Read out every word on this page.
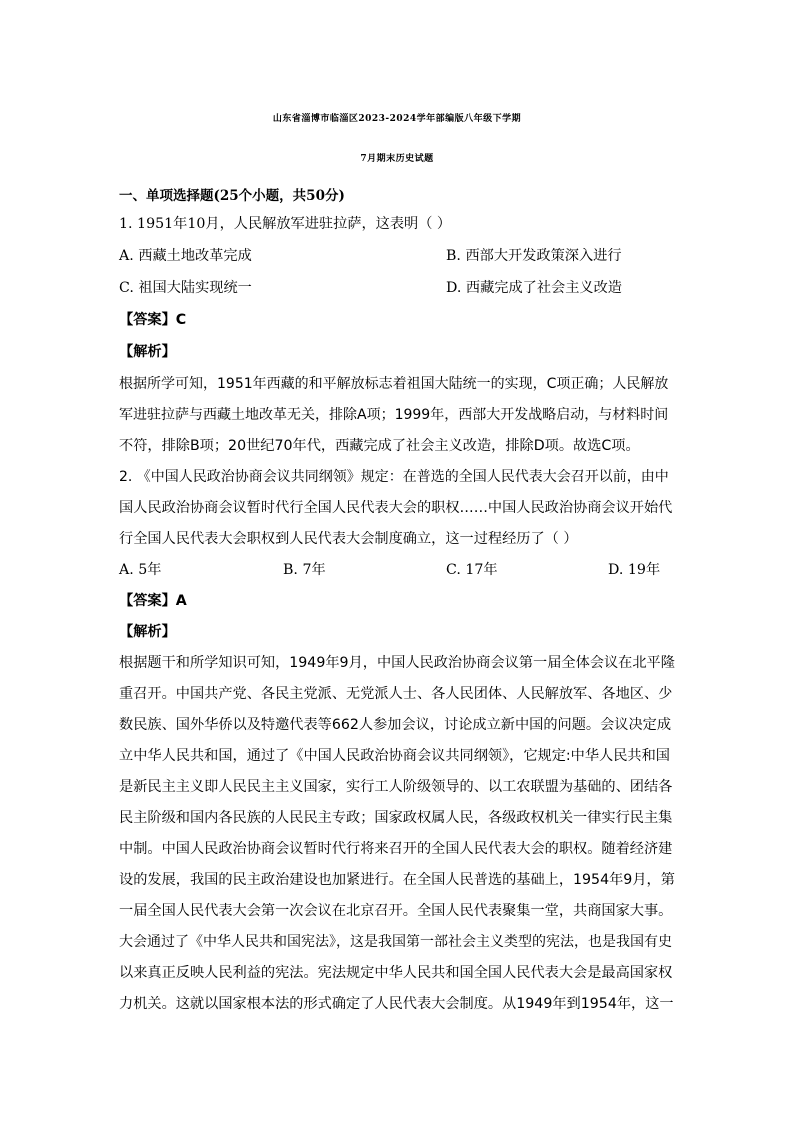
山东省淄博市临淄区2023-2024学年部编版八年级下学期
7月期末历史试题
一、单项选择题(25个小题，共50分)
1. 1951年10月，人民解放军进驻拉萨，这表明（ ）
A. 西藏土地改革完成	B. 西部大开发政策深入进行
C. 祖国大陆实现统一	D. 西藏完成了社会主义改造
【答案】C
【解析】
根据所学可知，1951年西藏的和平解放标志着祖国大陆统一的实现，C项正确；人民解放
军进驻拉萨与西藏土地改革无关，排除A项；1999年，西部大开发战略启动，与材料时间
不符，排除B项；20世纪70年代，西藏完成了社会主义改造，排除D项。故选C项。
2. 《中国人民政治协商会议共同纲领》规定：在普选的全国人民代表大会召开以前，由中
国人民政治协商会议暂时代行全国人民代表大会的职权……中国人民政治协商会议开始代
行全国人民代表大会职权到人民代表大会制度确立，这一过程经历了（ ）
A. 5年	B. 7年	C. 17年	D. 19年
【答案】A
【解析】
根据题干和所学知识可知，1949年9月，中国人民政治协商会议第一届全体会议在北平隆
重召开。中国共产党、各民主党派、无党派人士、各人民团体、人民解放军、各地区、少
数民族、国外华侨以及特邀代表等662人参加会议，讨论成立新中国的问题。会议决定成
立中华人民共和国，通过了《中国人民政治协商会议共同纲领》，它规定:中华人民共和国
是新民主主义即人民民主主义国家，实行工人阶级领导的、以工农联盟为基础的、团结各
民主阶级和国内各民族的人民民主专政；国家政权属人民，各级政权机关一律实行民主集
中制。中国人民政治协商会议暂时代行将来召开的全国人民代表大会的职权。随着经济建
设的发展，我国的民主政治建设也加紧进行。在全国人民普选的基础上，1954年9月，第
一届全国人民代表大会第一次会议在北京召开。全国人民代表聚集一堂，共商国家大事。
大会通过了《中华人民共和国宪法》，这是我国第一部社会主义类型的宪法，也是我国有史
以来真正反映人民利益的宪法。宪法规定中华人民共和国全国人民代表大会是最高国家权
力机关。这就以国家根本法的形式确定了人民代表大会制度。从1949年到1954年，这一
